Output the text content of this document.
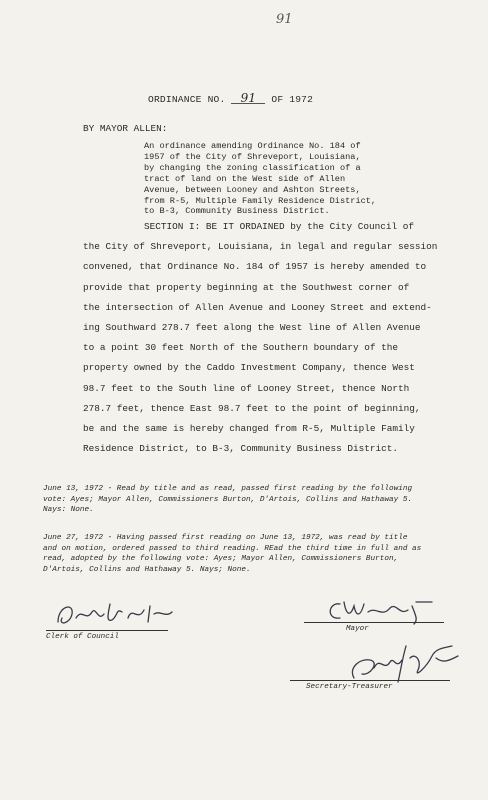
91
ORDINANCE NO. 91 OF 1972
BY MAYOR ALLEN:
An ordinance amending Ordinance No. 184 of
1957 of the City of Shreveport, Louisiana,
by changing the zoning classification of a
tract of land on the West side of Allen
Avenue, between Looney and Ashton Streets,
from R-5, Multiple Family Residence District,
to B-3, Community Business District.
SECTION I: BE IT ORDAINED by the City Council of
the City of Shreveport, Louisiana, in legal and regular session
convened, that Ordinance No. 184 of 1957 is hereby amended to
provide that property beginning at the Southwest corner of
the intersection of Allen Avenue and Looney Street and extend-
ing Southward 278.7 feet along the West line of Allen Avenue
to a point 30 feet North of the Southern boundary of the
property owned by the Caddo Investment Company, thence West
98.7 feet to the South line of Looney Street, thence North
278.7 feet, thence East 98.7 feet to the point of beginning,
be and the same is hereby changed from R-5, Multiple Family
Residence District, to B-3, Community Business District.
June 13, 1972 - Read by title and as read, passed first reading by the following
vote: Ayes; Mayor Allen, Commissioners Burton, D'Artois, Collins and Hathaway 5.
Nays: None.
June 27, 1972 - Having passed first reading on June 13, 1972, was read by title
and on motion, ordered passed to third reading. REad the third time in full and as
read, adopted by the following vote: Ayes; Mayor Allen, Commissioners Burton,
D'Artois, Collins and Hathaway 5. Nays; None.
Clerk of Council
Mayor
Secretary-Treasurer
